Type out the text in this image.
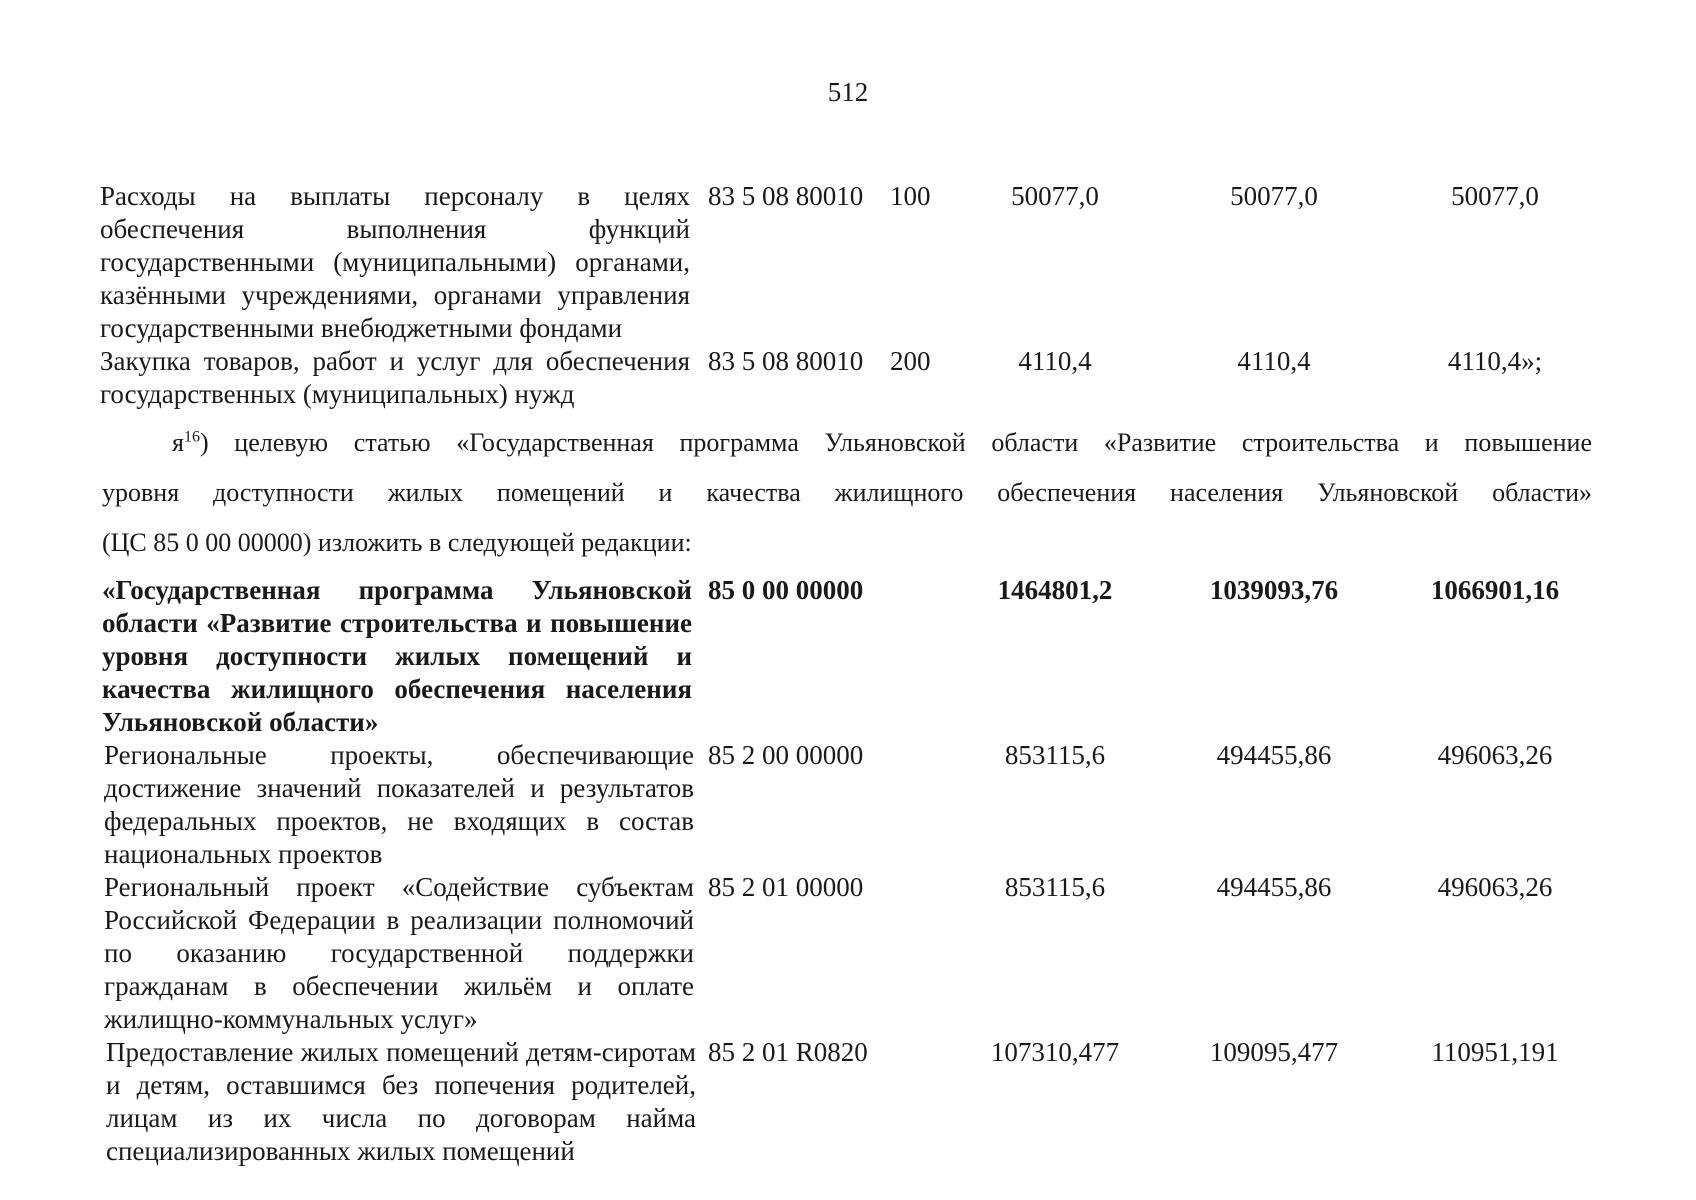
512
Расходы на выплаты персоналу в целях обеспечения выполнения функций государственными (муниципальными) органами, казёнными учреждениями, органами управления государственными внебюджетными фондами
83 5 08 80010 100	50077,0	50077,0	50077,0
Закупка товаров, работ и услуг для обеспечения государственных (муниципальных) нужд
83 5 08 80010 200	4110,4	4110,4	4110,4»;
$я^{16}$) целевую статью «Государственная программа Ульяновской области «Развитие строительства и повышение
уровня доступности жилых помещений и качества жилищного обеспечения населения Ульяновской области»
(ЦС 85 0 00 00000) изложить в следующей редакции:
«Государственная программа Ульяновской области «Развитие строительства и повышение уровня доступности жилых помещений и качества жилищного обеспечения населения Ульяновской области»
85 0 00 00000	1464801,2	1039093,76	1066901,16
Региональные проекты, обеспечивающие достижение значений показателей и результатов федеральных проектов, не входящих в состав национальных проектов
85 2 00 00000	853115,6	494455,86	496063,26
Региональный проект «Содействие субъектам Российской Федерации в реализации полномочий по оказанию государственной поддержки гражданам в обеспечении жильём и оплате жилищно-коммунальных услуг»
85 2 01 00000	853115,6	494455,86	496063,26
Предоставление жилых помещений детям-сиротам и детям, оставшимся без попечения родителей, лицам из их числа по договорам найма специализированных жилых помещений
85 2 01 R0820	107310,477	109095,477	110951,191
